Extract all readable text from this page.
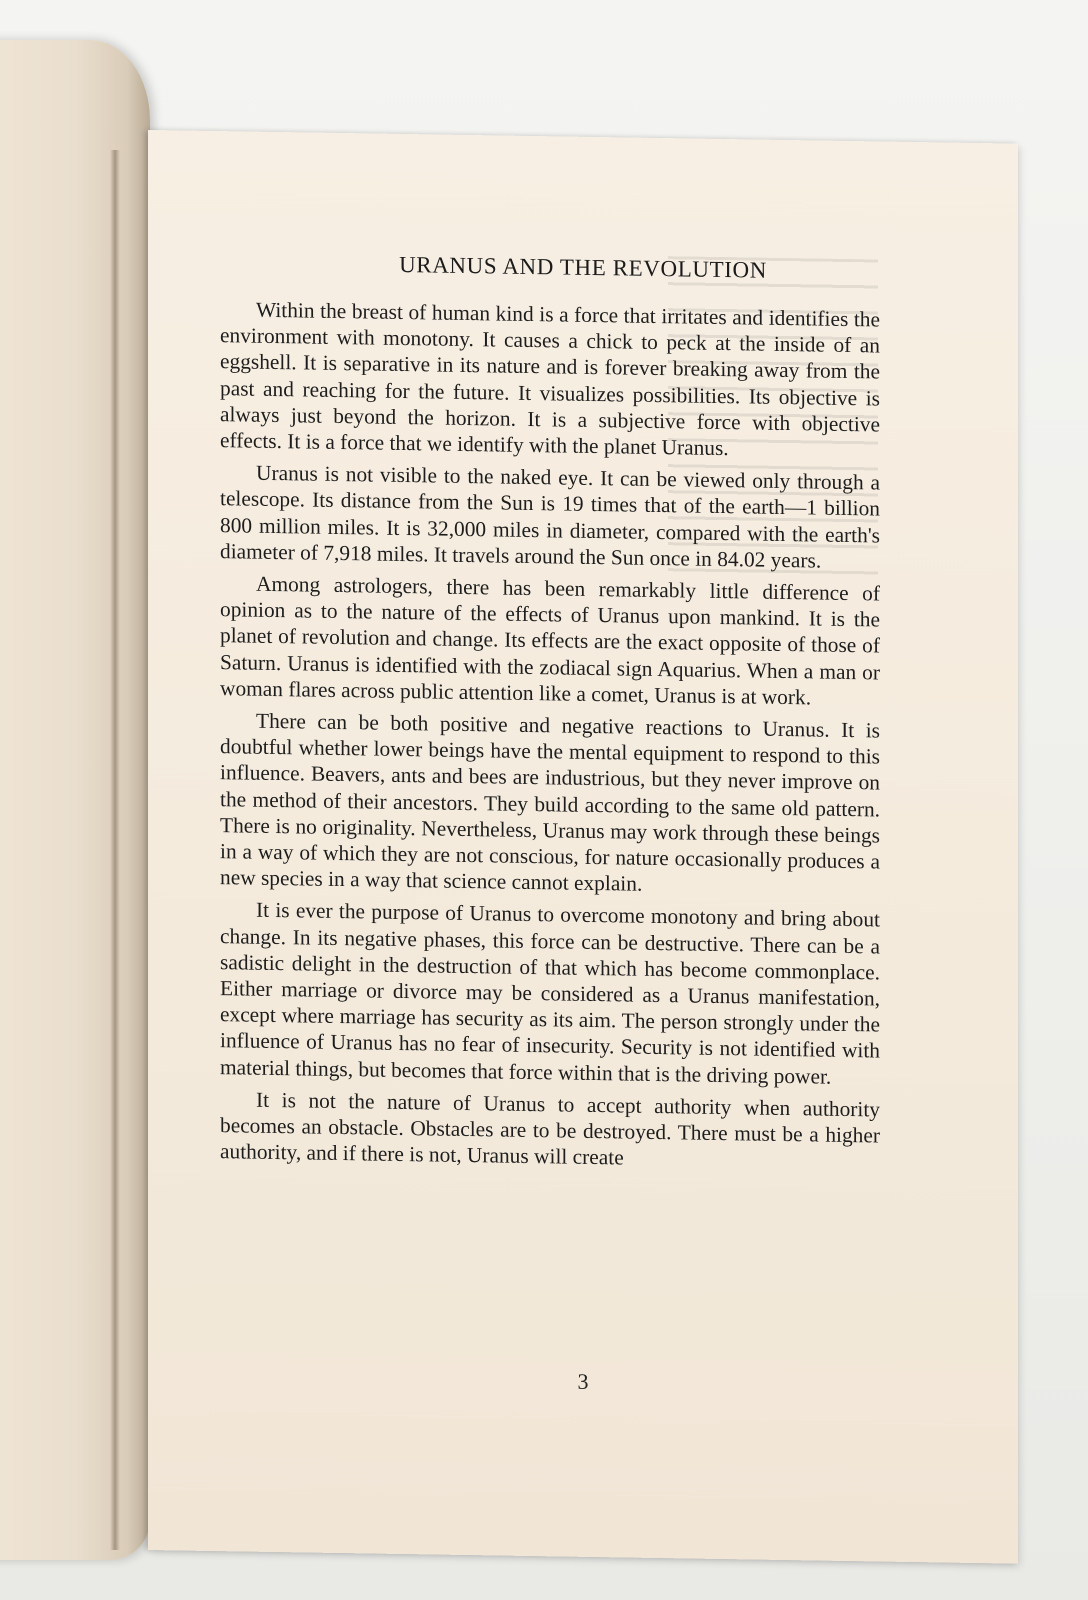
URANUS AND THE REVOLUTION

Within the breast of human kind is a force that irritates and identifies the environment with monotony. It causes a chick to peck at the inside of an eggshell. It is separative in its nature and is forever breaking away from the past and reaching for the future. It visualizes possibilities. Its objective is always just beyond the horizon. It is a subjective force with objective effects. It is a force that we identify with the planet Uranus.

Uranus is not visible to the naked eye. It can be viewed only through a telescope. Its distance from the Sun is 19 times that of the earth—1 billion 800 million miles. It is 32,000 miles in diameter, compared with the earth's diameter of 7,918 miles. It travels around the Sun once in 84.02 years.

Among astrologers, there has been remarkably little difference of opinion as to the nature of the effects of Uranus upon mankind. It is the planet of revolution and change. Its effects are the exact opposite of those of Saturn. Uranus is identified with the zodiacal sign Aquarius. When a man or woman flares across public attention like a comet, Uranus is at work.

There can be both positive and negative reactions to Uranus. It is doubtful whether lower beings have the mental equipment to respond to this influence. Beavers, ants and bees are industrious, but they never improve on the method of their ancestors. They build according to the same old pattern. There is no originality. Nevertheless, Uranus may work through these beings in a way of which they are not conscious, for nature occasionally produces a new species in a way that science cannot explain.

It is ever the purpose of Uranus to overcome monotony and bring about change. In its negative phases, this force can be destructive. There can be a sadistic delight in the destruction of that which has become commonplace. Either marriage or divorce may be considered as a Uranus manifestation, except where marriage has security as its aim. The person strongly under the influence of Uranus has no fear of insecurity. Security is not identified with material things, but becomes that force within that is the driving power.

It is not the nature of Uranus to accept authority when authority becomes an obstacle. Obstacles are to be destroyed. There must be a higher authority, and if there is not, Uranus will create

3
